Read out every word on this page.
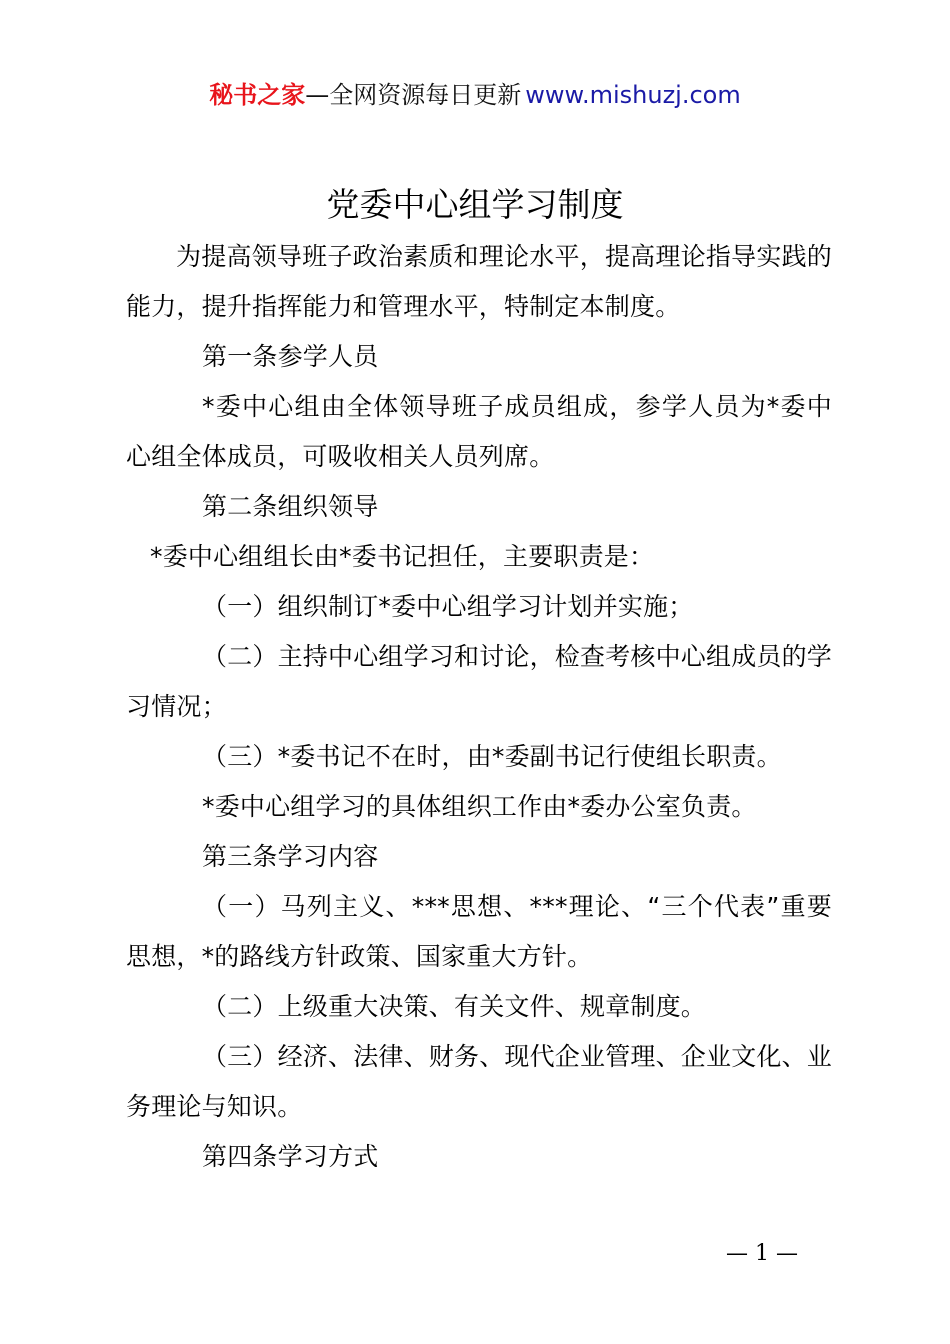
秘书之家—全网资源每日更新 www.mishuzj.com
党委中心组学习制度
为提高领导班子政治素质和理论水平，提高理论指导实践的能力，提升指挥能力和管理水平，特制定本制度。
第一条参学人员
*委中心组由全体领导班子成员组成，参学人员为*委中心组全体成员，可吸收相关人员列席。
第二条组织领导
*委中心组组长由*委书记担任，主要职责是：
（一）组织制订*委中心组学习计划并实施；
（二）主持中心组学习和讨论，检查考核中心组成员的学习情况；
（三）*委书记不在时，由*委副书记行使组长职责。
*委中心组学习的具体组织工作由*委办公室负责。
第三条学习内容
（一）马列主义、***思想、***理论、“三个代表”重要思想，*的路线方针政策、国家重大方针。
（二）上级重大决策、有关文件、规章制度。
（三）经济、法律、财务、现代企业管理、企业文化、业务理论与知识。
第四条学习方式
— 1 —
